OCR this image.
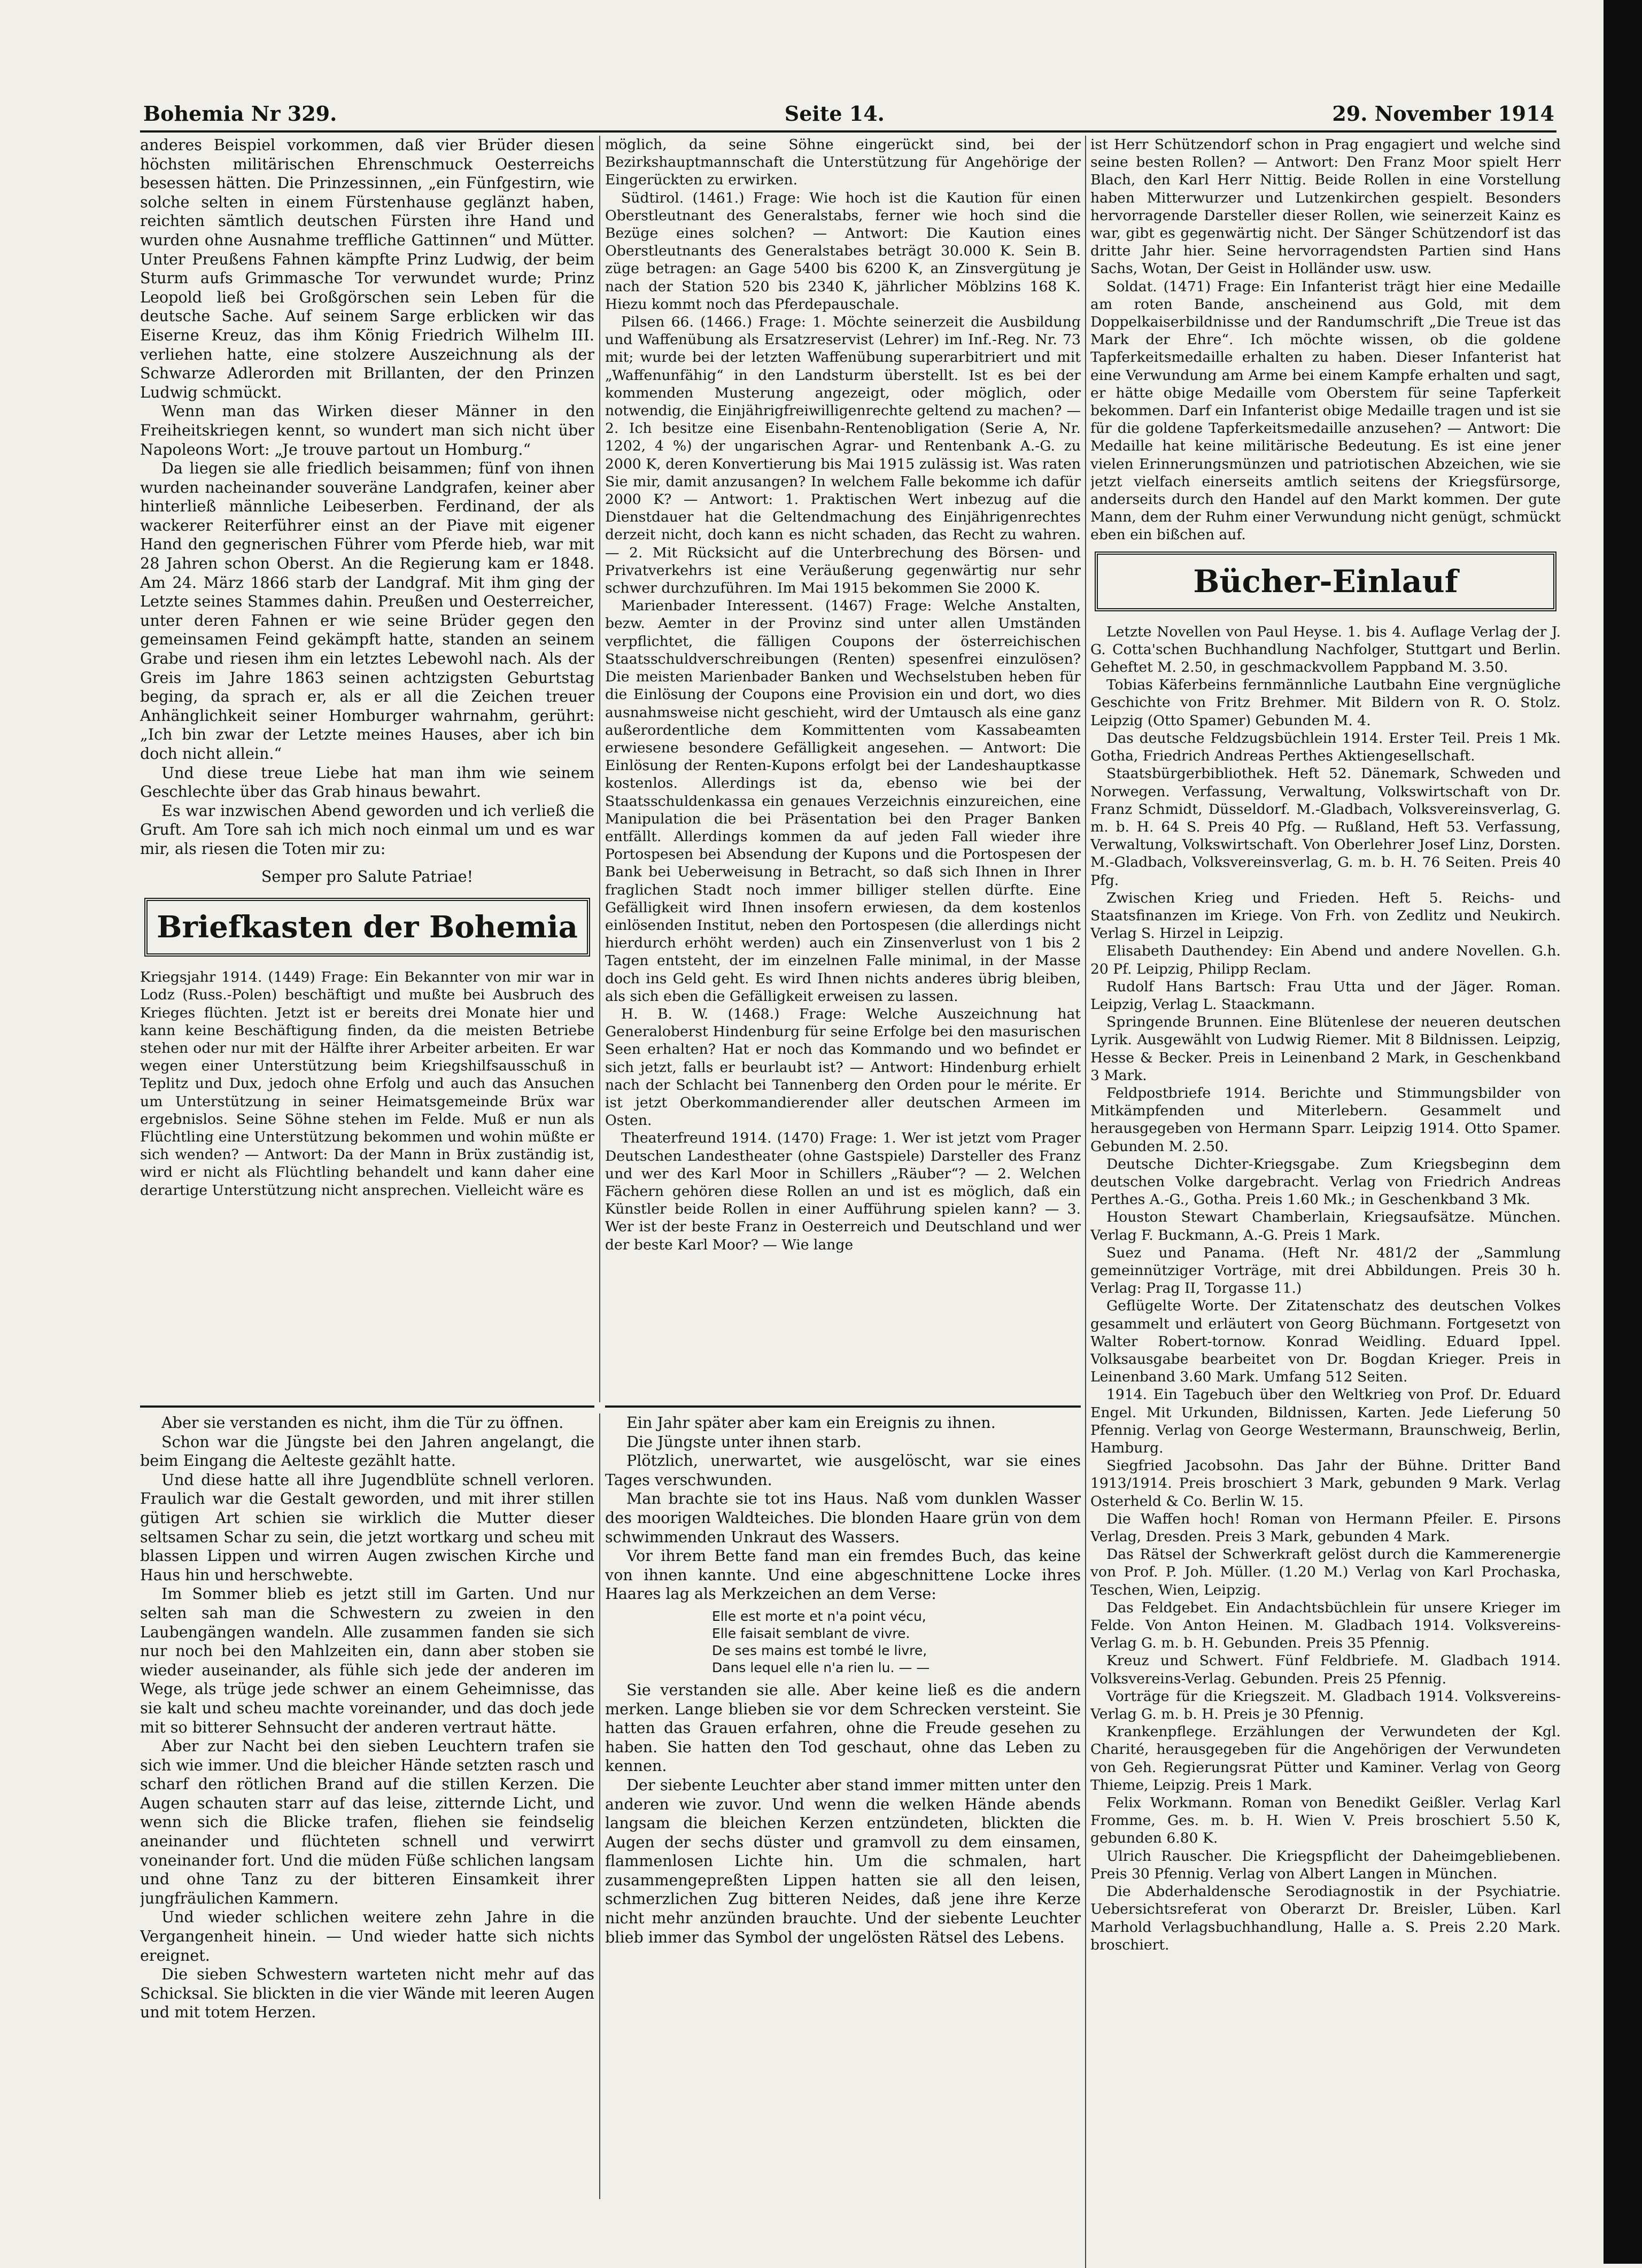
Bohemia Nr 329.	Seite 14.	29. November 1914

anderes Beispiel vorkommen, daß vier Brüder diesen höchsten militärischen Ehrenschmuck Oesterreichs besessen hätten. Die Prinzessinnen, „ein Fünfgestirn, wie solche selten in einem Fürstenhause geglänzt haben, reichten sämtlich deutschen Fürsten ihre Hand und wurden ohne Ausnahme treffliche Gattinnen“ und Mütter. Unter Preußens Fahnen kämpfte Prinz Ludwig, der beim Sturm aufs Grimmasche Tor verwundet wurde; Prinz Leopold ließ bei Großgörschen sein Leben für die deutsche Sache. Auf seinem Sarge erblicken wir das Eiserne Kreuz, das ihm König Friedrich Wilhelm III. verliehen hatte, eine stolzere Auszeichnung als der Schwarze Adlerorden mit Brillanten, der den Prinzen Ludwig schmückt.

Wenn man das Wirken dieser Männer in den Freiheitskriegen kennt, so wundert man sich nicht über Napoleons Wort: „Je trouve partout un Homburg.“

Da liegen sie alle friedlich beisammen; fünf von ihnen wurden nacheinander souveräne Landgrafen, keiner aber hinterließ männliche Leibeserben. Ferdinand, der als wackerer Reiterführer einst an der Piave mit eigener Hand den gegnerischen Führer vom Pferde hieb, war mit 28 Jahren schon Oberst. An die Regierung kam er 1848. Am 24. März 1866 starb der Landgraf. Mit ihm ging der Letzte seines Stammes dahin. Preußen und Oesterreicher, unter deren Fahnen er wie seine Brüder gegen den gemeinsamen Feind gekämpft hatte, standen an seinem Grabe und riesen ihm ein letztes Lebewohl nach. Als der Greis im Jahre 1863 seinen achtzigsten Geburtstag beging, da sprach er, als er all die Zeichen treuer Anhänglichkeit seiner Homburger wahrnahm, gerührt: „Ich bin zwar der Letzte meines Hauses, aber ich bin doch nicht allein.“

Und diese treue Liebe hat man ihm wie seinem Geschlechte über das Grab hinaus bewahrt.

Es war inzwischen Abend geworden und ich verließ die Gruft. Am Tore sah ich mich noch einmal um und es war mir, als riesen die Toten mir zu:

Semper pro Salute Patriae!

Briefkasten der Bohemia

Kriegsjahr 1914. (1449) Frage: Ein Bekannter von mir war in Lodz (Russ.-Polen) beschäftigt und mußte bei Ausbruch des Krieges flüchten. Jetzt ist er bereits drei Monate hier und kann keine Beschäftigung finden, da die meisten Betriebe stehen oder nur mit der Hälfte ihrer Arbeiter arbeiten. Er war wegen einer Unterstützung beim Kriegshilfsausschuß in Teplitz und Dux, jedoch ohne Erfolg und auch das Ansuchen um Unterstützung in seiner Heimatsgemeinde Brüx war ergebnislos. Seine Söhne stehen im Felde. Muß er nun als Flüchtling eine Unterstützung bekommen und wohin müßte er sich wenden? — Antwort: Da der Mann in Brüx zuständig ist, wird er nicht als Flüchtling behandelt und kann daher eine derartige Unterstützung nicht ansprechen. Vielleicht wäre es

möglich, da seine Söhne eingerückt sind, bei der Bezirkshauptmannschaft die Unterstützung für Angehörige der Eingerückten zu erwirken.

Südtirol. (1461.) Frage: Wie hoch ist die Kaution für einen Oberstleutnant des Generalstabs, ferner wie hoch sind die Bezüge eines solchen? — Antwort: Die Kaution eines Oberstleutnants des Generalstabes beträgt 30.000 K. Sein B. züge betragen: an Gage 5400 bis 6200 K, an Zinsvergütung je nach der Station 520 bis 2340 K, jährlicher Möblzins 168 K. Hiezu kommt noch das Pferdepauschale.

Pilsen 66. (1466.) Frage: 1. Möchte seinerzeit die Ausbildung und Waffenübung als Ersatzreservist (Lehrer) im Inf.-Reg. Nr. 73 mit; wurde bei der letzten Waffenübung superarbitriert und mit „Waffenunfähig“ in den Landsturm überstellt. Ist es bei der kommenden Musterung angezeigt, oder möglich, oder notwendig, die Einjährigfreiwilligenrechte geltend zu machen? — 2. Ich besitze eine Eisenbahn-Rentenobligation (Serie A, Nr. 1202, 4 %) der ungarischen Agrar- und Rentenbank A.-G. zu 2000 K, deren Konvertierung bis Mai 1915 zulässig ist. Was raten Sie mir, damit anzusangen? In welchem Falle bekomme ich dafür 2000 K? — Antwort: 1. Praktischen Wert inbezug auf die Dienstdauer hat die Geltendmachung des Einjährigenrechtes derzeit nicht, doch kann es nicht schaden, das Recht zu wahren. — 2. Mit Rücksicht auf die Unterbrechung des Börsen- und Privatverkehrs ist eine Veräußerung gegenwärtig nur sehr schwer durchzuführen. Im Mai 1915 bekommen Sie 2000 K.

Marienbader Interessent. (1467) Frage: Welche Anstalten, bezw. Aemter in der Provinz sind unter allen Umständen verpflichtet, die fälligen Coupons der österreichischen Staatsschuldverschreibungen (Renten) spesenfrei einzulösen? Die meisten Marienbader Banken und Wechselstuben heben für die Einlösung der Coupons eine Provision ein und dort, wo dies ausnahmsweise nicht geschieht, wird der Umtausch als eine ganz außerordentliche dem Kommittenten vom Kassabeamten erwiesene besondere Gefälligkeit angesehen. — Antwort: Die Einlösung der Renten-Kupons erfolgt bei der Landeshauptkasse kostenlos. Allerdings ist da, ebenso wie bei der Staatsschuldenkassa ein genaues Verzeichnis einzureichen, eine Manipulation die bei Präsentation bei den Prager Banken entfällt. Allerdings kommen da auf jeden Fall wieder ihre Portospesen bei Absendung der Kupons und die Portospesen der Bank bei Ueberweisung in Betracht, so daß sich Ihnen in Ihrer fraglichen Stadt noch immer billiger stellen dürfte. Eine Gefälligkeit wird Ihnen insofern erwiesen, da dem kostenlos einlösenden Institut, neben den Portospesen (die allerdings nicht hierdurch erhöht werden) auch ein Zinsenverlust von 1 bis 2 Tagen entsteht, der im einzelnen Falle minimal, in der Masse doch ins Geld geht. Es wird Ihnen nichts anderes übrig bleiben, als sich eben die Gefälligkeit erweisen zu lassen.

H. B. W. (1468.) Frage: Welche Auszeichnung hat Generaloberst Hindenburg für seine Erfolge bei den masurischen Seen erhalten? Hat er noch das Kommando und wo befindet er sich jetzt, falls er beurlaubt ist? — Antwort: Hindenburg erhielt nach der Schlacht bei Tannenberg den Orden pour le mérite. Er ist jetzt Oberkommandierender aller deutschen Armeen im Osten.

Theaterfreund 1914. (1470) Frage: 1. Wer ist jetzt vom Prager Deutschen Landestheater (ohne Gastspiele) Darsteller des Franz und wer des Karl Moor in Schillers „Räuber“? — 2. Welchen Fächern gehören diese Rollen an und ist es möglich, daß ein Künstler beide Rollen in einer Aufführung spielen kann? — 3. Wer ist der beste Franz in Oesterreich und Deutschland und wer der beste Karl Moor? — Wie lange

ist Herr Schützendorf schon in Prag engagiert und welche sind seine besten Rollen? — Antwort: Den Franz Moor spielt Herr Blach, den Karl Herr Nittig. Beide Rollen in eine Vorstellung haben Mitterwurzer und Lutzenkirchen gespielt. Besonders hervorragende Darsteller dieser Rollen, wie seinerzeit Kainz es war, gibt es gegenwärtig nicht. Der Sänger Schützendorf ist das dritte Jahr hier. Seine hervorragendsten Partien sind Hans Sachs, Wotan, Der Geist in Holländer usw. usw.

Soldat. (1471) Frage: Ein Infanterist trägt hier eine Medaille am roten Bande, anscheinend aus Gold, mit dem Doppelkaiserbildnisse und der Randumschrift „Die Treue ist das Mark der Ehre“. Ich möchte wissen, ob die goldene Tapferkeitsmedaille erhalten zu haben. Dieser Infanterist hat eine Verwundung am Arme bei einem Kampfe erhalten und sagt, er hätte obige Medaille vom Oberstem für seine Tapferkeit bekommen. Darf ein Infanterist obige Medaille tragen und ist sie für die goldene Tapferkeitsmedaille anzusehen? — Antwort: Die Medaille hat keine militärische Bedeutung. Es ist eine jener vielen Erinnerungsmünzen und patriotischen Abzeichen, wie sie jetzt vielfach einerseits amtlich seitens der Kriegsfürsorge, anderseits durch den Handel auf den Markt kommen. Der gute Mann, dem der Ruhm einer Verwundung nicht genügt, schmückt eben ein bißchen auf.

Bücher-Einlauf

Letzte Novellen von Paul Heyse. 1. bis 4. Auflage Verlag der J. G. Cotta'schen Buchhandlung Nachfolger, Stuttgart und Berlin. Geheftet M. 2.50, in geschmackvollem Pappband M. 3.50.

Tobias Käferbeins fernmännliche Lautbahn Eine vergnügliche Geschichte von Fritz Brehmer. Mit Bildern von R. O. Stolz. Leipzig (Otto Spamer) Gebunden M. 4.

Das deutsche Feldzugsbüchlein 1914. Erster Teil. Preis 1 Mk. Gotha, Friedrich Andreas Perthes Aktiengesellschaft.

Staatsbürgerbibliothek. Heft 52. Dänemark, Schweden und Norwegen. Verfassung, Verwaltung, Volkswirtschaft von Dr. Franz Schmidt, Düsseldorf. M.-Gladbach, Volksvereinsverlag, G. m. b. H. 64 S. Preis 40 Pfg. — Rußland, Heft 53. Verfassung, Verwaltung, Volkswirtschaft. Von Oberlehrer Josef Linz, Dorsten. M.-Gladbach, Volksvereinsverlag, G. m. b. H. 76 Seiten. Preis 40 Pfg.

Zwischen Krieg und Frieden. Heft 5. Reichs- und Staatsfinanzen im Kriege. Von Frh. von Zedlitz und Neukirch. Verlag S. Hirzel in Leipzig.

Elisabeth Dauthendey: Ein Abend und andere Novellen. G.h. 20 Pf. Leipzig, Philipp Reclam.

Rudolf Hans Bartsch: Frau Utta und der Jäger. Roman. Leipzig, Verlag L. Staackmann.

Springende Brunnen. Eine Blütenlese der neueren deutschen Lyrik. Ausgewählt von Ludwig Riemer. Mit 8 Bildnissen. Leipzig, Hesse & Becker. Preis in Leinenband 2 Mark, in Geschenkband 3 Mark.

Feldpostbriefe 1914. Berichte und Stimmungsbilder von Mitkämpfenden und Miterlebern. Gesammelt und herausgegeben von Hermann Sparr. Leipzig 1914. Otto Spamer. Gebunden M. 2.50.

Deutsche Dichter-Kriegsgabe. Zum Kriegsbeginn dem deutschen Volke dargebracht. Verlag von Friedrich Andreas Perthes A.-G., Gotha. Preis 1.60 Mk.; in Geschenkband 3 Mk.

Houston Stewart Chamberlain, Kriegsaufsätze. München. Verlag F. Buckmann, A.-G. Preis 1 Mark.

Suez und Panama. (Heft Nr. 481/2 der „Sammlung gemeinnütziger Vorträge, mit drei Abbildungen. Preis 30 h. Verlag: Prag II, Torgasse 11.)

Geflügelte Worte. Der Zitatenschatz des deutschen Volkes gesammelt und erläutert von Georg Büchmann. Fortgesetzt von Walter Robert-tornow. Konrad Weidling. Eduard Ippel. Volksausgabe bearbeitet von Dr. Bogdan Krieger. Preis in Leinenband 3.60 Mark. Umfang 512 Seiten.

1914. Ein Tagebuch über den Weltkrieg von Prof. Dr. Eduard Engel. Mit Urkunden, Bildnissen, Karten. Jede Lieferung 50 Pfennig. Verlag von George Westermann, Braunschweig, Berlin, Hamburg.

Siegfried Jacobsohn. Das Jahr der Bühne. Dritter Band 1913/1914. Preis broschiert 3 Mark, gebunden 9 Mark. Verlag Osterheld & Co. Berlin W. 15.

Die Waffen hoch! Roman von Hermann Pfeiler. E. Pirsons Verlag, Dresden. Preis 3 Mark, gebunden 4 Mark.

Das Rätsel der Schwerkraft gelöst durch die Kammerenergie von Prof. P. Joh. Müller. (1.20 M.) Verlag von Karl Prochaska, Teschen, Wien, Leipzig.

Das Feldgebet. Ein Andachtsbüchlein für unsere Krieger im Felde. Von Anton Heinen. M. Gladbach 1914. Volksvereins-Verlag G. m. b. H. Gebunden. Preis 35 Pfennig.

Kreuz und Schwert. Fünf Feldbriefe. M. Gladbach 1914. Volksvereins-Verlag. Gebunden. Preis 25 Pfennig.

Vorträge für die Kriegszeit. M. Gladbach 1914. Volksvereins-Verlag G. m. b. H. Preis je 30 Pfennig.

Krankenpflege. Erzählungen der Verwundeten der Kgl. Charité, herausgegeben für die Angehörigen der Verwundeten von Geh. Regierungsrat Pütter und Kaminer. Verlag von Georg Thieme, Leipzig. Preis 1 Mark.

Felix Workmann. Roman von Benedikt Geißler. Verlag Karl Fromme, Ges. m. b. H. Wien V. Preis broschiert 5.50 K, gebunden 6.80 K.

Ulrich Rauscher. Die Kriegspflicht der Daheimgebliebenen. Preis 30 Pfennig. Verlag von Albert Langen in München.

Die Abderhaldensche Serodiagnostik in der Psychiatrie. Uebersichtsreferat von Oberarzt Dr. Breisler, Lüben. Karl Marhold Verlagsbuchhandlung, Halle a. S. Preis 2.20 Mark. broschiert.

Aber sie verstanden es nicht, ihm die Tür zu öffnen.

Schon war die Jüngste bei den Jahren angelangt, die beim Eingang die Aelteste gezählt hatte.

Und diese hatte all ihre Jugendblüte schnell verloren. Fraulich war die Gestalt geworden, und mit ihrer stillen gütigen Art schien sie wirklich die Mutter dieser seltsamen Schar zu sein, die jetzt wortkarg und scheu mit blassen Lippen und wirren Augen zwischen Kirche und Haus hin und herschwebte.

Im Sommer blieb es jetzt still im Garten. Und nur selten sah man die Schwestern zu zweien in den Laubengängen wandeln. Alle zusammen fanden sie sich nur noch bei den Mahlzeiten ein, dann aber stoben sie wieder auseinander, als fühle sich jede der anderen im Wege, als trüge jede schwer an einem Geheimnisse, das sie kalt und scheu machte voreinander, und das doch jede mit so bitterer Sehnsucht der anderen vertraut hätte.

Aber zur Nacht bei den sieben Leuchtern trafen sie sich wie immer. Und die bleicher Hände setzten rasch und scharf den rötlichen Brand auf die stillen Kerzen. Die Augen schauten starr auf das leise, zitternde Licht, und wenn sich die Blicke trafen, fliehen sie feindselig aneinander und flüchteten schnell und verwirrt voneinander fort. Und die müden Füße schlichen langsam und ohne Tanz zu der bitteren Einsamkeit ihrer jungfräulichen Kammern.

Und wieder schlichen weitere zehn Jahre in die Vergangenheit hinein. — Und wieder hatte sich nichts ereignet.

Die sieben Schwestern warteten nicht mehr auf das Schicksal. Sie blickten in die vier Wände mit leeren Augen und mit totem Herzen.

Ein Jahr später aber kam ein Ereignis zu ihnen.

Die Jüngste unter ihnen starb.

Plötzlich, unerwartet, wie ausgelöscht, war sie eines Tages verschwunden.

Man brachte sie tot ins Haus. Naß vom dunklen Wasser des moorigen Waldteiches. Die blonden Haare grün von dem schwimmenden Unkraut des Wassers.

Vor ihrem Bette fand man ein fremdes Buch, das keine von ihnen kannte. Und eine abgeschnittene Locke ihres Haares lag als Merkzeichen an dem Verse:

Elle est morte et n'a point vécu,
Elle faisait semblant de vivre.
De ses mains est tombé le livre,
Dans lequel elle n'a rien lu. — —

Sie verstanden sie alle. Aber keine ließ es die andern merken. Lange blieben sie vor dem Schrecken versteint. Sie hatten das Grauen erfahren, ohne die Freude gesehen zu haben. Sie hatten den Tod geschaut, ohne das Leben zu kennen.

Der siebente Leuchter aber stand immer mitten unter den anderen wie zuvor. Und wenn die welken Hände abends langsam die bleichen Kerzen entzündeten, blickten die Augen der sechs düster und gramvoll zu dem einsamen, flammenlosen Lichte hin. Um die schmalen, hart zusammengepreßten Lippen hatten sie all den leisen, schmerzlichen Zug bitteren Neides, daß jene ihre Kerze nicht mehr anzünden brauchte. Und der siebente Leuchter blieb immer das Symbol der ungelösten Rätsel des Lebens.
